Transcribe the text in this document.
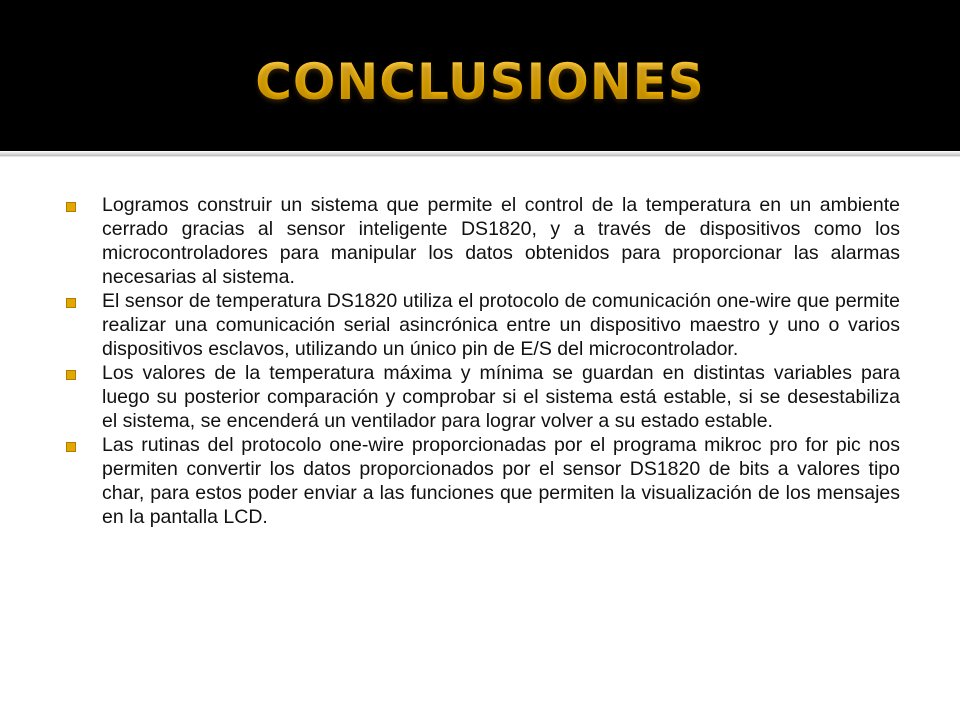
CONCLUSIONES
Logramos construir un sistema que permite el control de la temperatura en un ambiente cerrado gracias al sensor inteligente DS1820, y a través de dispositivos como los microcontroladores para manipular los datos obtenidos para proporcionar las alarmas necesarias al sistema.
El sensor de temperatura DS1820 utiliza el protocolo de comunicación one-wire que permite realizar una comunicación serial asincrónica entre un dispositivo maestro y uno o varios dispositivos esclavos, utilizando un único pin de E/S del microcontrolador.
Los valores de la temperatura máxima y mínima se guardan en distintas variables para luego su posterior comparación y comprobar si el sistema está estable, si se desestabiliza el sistema, se encenderá un ventilador para lograr volver a su estado estable.
Las rutinas del protocolo one-wire proporcionadas por el programa mikroc pro for pic nos permiten convertir los datos proporcionados por el sensor DS1820 de bits a valores tipo char, para estos poder enviar a las funciones que permiten la visualización de los mensajes en la pantalla LCD.
